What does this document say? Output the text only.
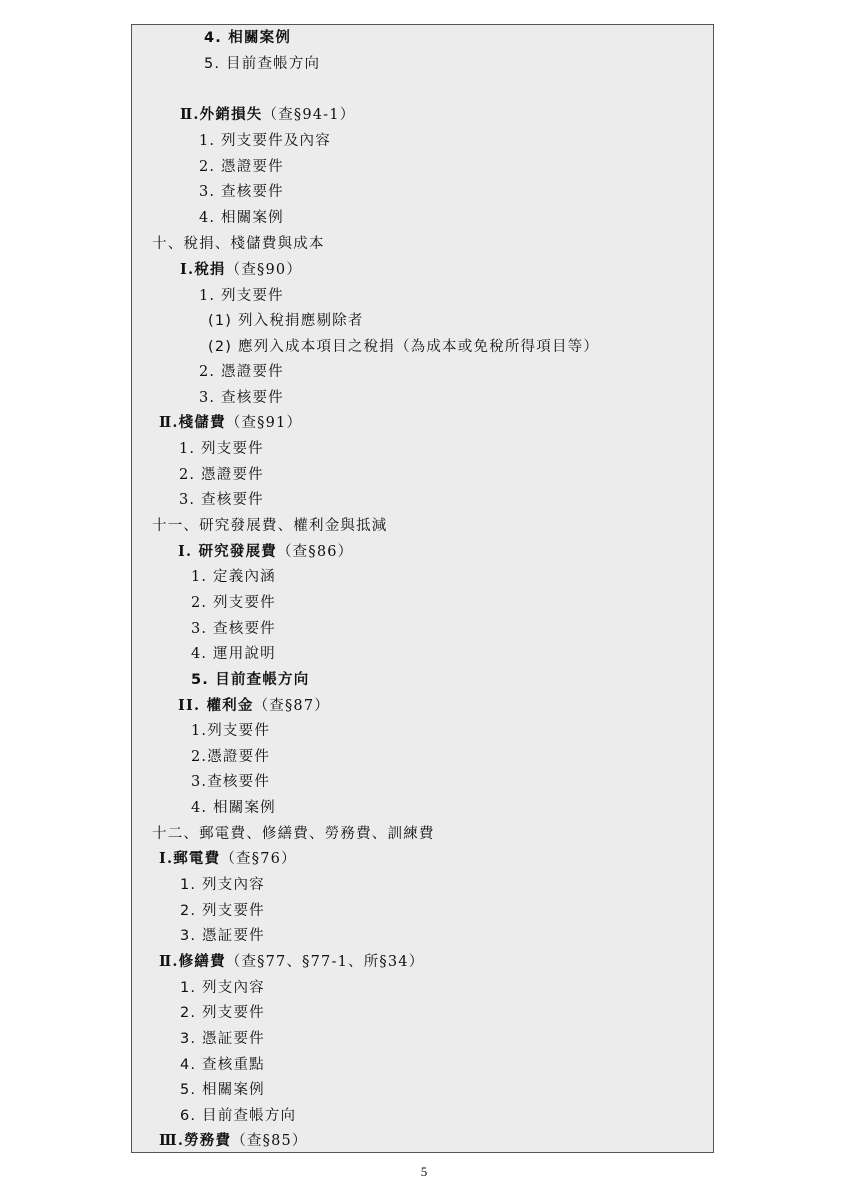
4. 相關案例
5. 目前查帳方向
Ⅱ.外銷損失（查§94-1）
1. 列支要件及內容
2. 憑證要件
3. 查核要件
4. 相關案例
十、稅捐、棧儲費與成本
Ⅰ.稅捐（查§90）
1. 列支要件
(1) 列入稅捐應剔除者
(2) 應列入成本項目之稅捐（為成本或免稅所得項目等）
2. 憑證要件
3. 查核要件
Ⅱ.棧儲費（查§91）
1. 列支要件
2. 憑證要件
3. 查核要件
十一、研究發展費、權利金與抵減
I. 研究發展費（查§86）
1. 定義內涵
2. 列支要件
3. 查核要件
4. 運用說明
5. 目前查帳方向
II. 權利金（查§87）
1.列支要件
2.憑證要件
3.查核要件
4. 相關案例
十二、郵電費、修繕費、勞務費、訓練費
Ⅰ.郵電費（查§76）
1. 列支內容
2. 列支要件
3. 憑証要件
Ⅱ.修繕費（查§77、§77-1、所§34）
1. 列支內容
2. 列支要件
3. 憑証要件
4. 查核重點
5. 相關案例
6. 目前查帳方向
Ⅲ.勞務費（查§85）
5
